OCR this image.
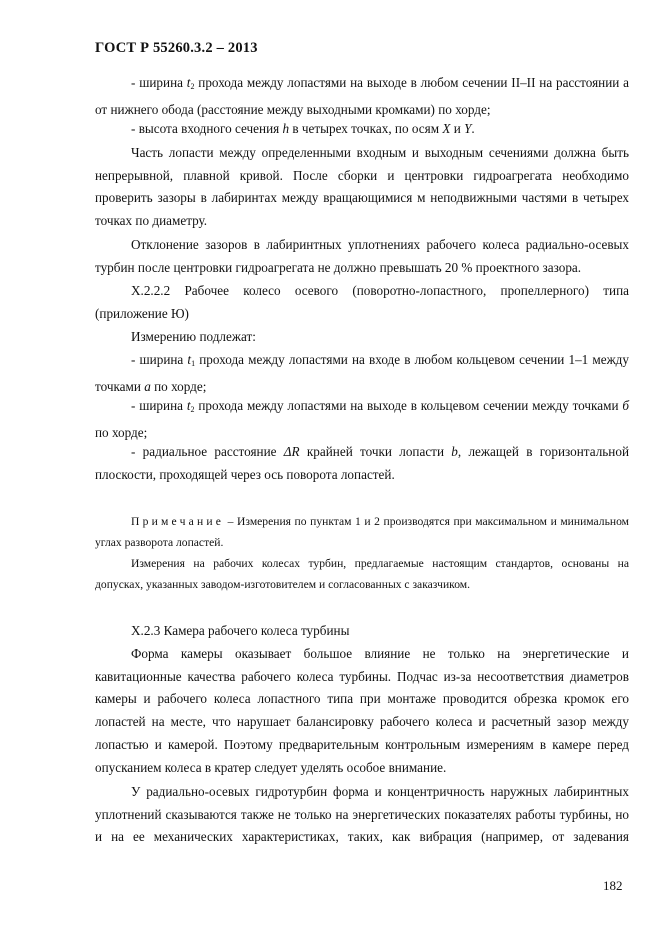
ГОСТ Р 55260.3.2 – 2013

- ширина $t_2$ прохода между лопастями на выходе в любом сечении II–II на расстоянии а от нижнего обода (расстояние между выходными кромками) по хорде;

- высота входного сечения h в четырех точках, по осям X и Y.

Часть лопасти между определенными входным и выходным сечениями должна быть непрерывной, плавной кривой. После сборки и центровки гидроагрегата необходимо проверить зазоры в лабиринтах между вращающимися м неподвижными частями в четырех точках по диаметру.

Отклонение зазоров в лабиринтных уплотнениях рабочего колеса радиально-осевых турбин после центровки гидроагрегата не должно превышать 20 % проектного зазора.

Х.2.2.2 Рабочее колесо осевого (поворотно-лопастного, пропеллерного) типа (приложение Ю)

Измерению подлежат:

- ширина $t_1$ прохода между лопастями на входе в любом кольцевом сечении 1–1 между точками а по хорде;

- ширина $t_2$ прохода между лопастями на выходе в кольцевом сечении между точками б по хорде;

- радиальное расстояние ΔR крайней точки лопасти b, лежащей в горизонтальной плоскости, проходящей через ось поворота лопастей.

Примечание – Измерения по пунктам 1 и 2 производятся при максимальном и минимальном углах разворота лопастей.

Измерения на рабочих колесах турбин, предлагаемые настоящим стандартов, основаны на допусках, указанных заводом-изготовителем и согласованных с заказчиком.

Х.2.3 Камера рабочего колеса турбины

Форма камеры оказывает большое влияние не только на энергетические и кавитационные качества рабочего колеса турбины. Подчас из-за несоответствия диаметров камеры и рабочего колеса лопастного типа при монтаже проводится обрезка кромок его лопастей на месте, что нарушает балансировку рабочего колеса и расчетный зазор между лопастью и камерой. Поэтому предварительным контрольным измерениям в камере перед опусканием колеса в кратер следует уделять особое внимание.

У радиально-осевых гидротурбин форма и концентричность наружных лабиринтных уплотнений сказываются также не только на энергетических показателях работы турбины, но и на ее механических характеристиках, таких, как вибрация (например, от задевания

182
